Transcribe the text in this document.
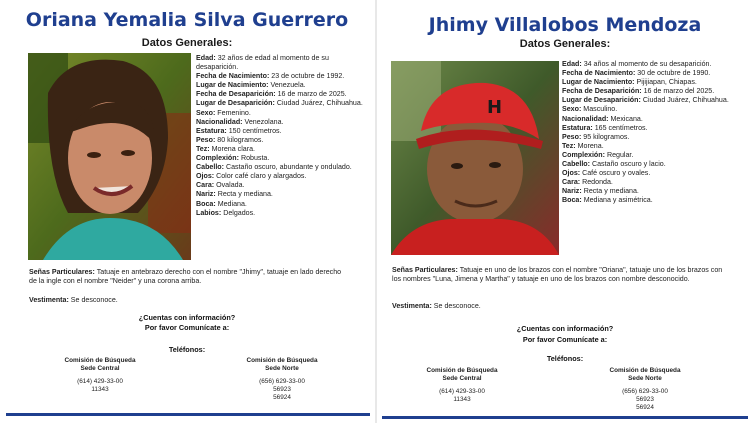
Oriana Yemalia Silva Guerrero
Datos Generales:
Edad: 32 años de edad al momento de su desaparición.
Fecha de Nacimiento: 23 de octubre de 1992.
Lugar de Nacimiento: Venezuela.
Fecha de Desaparición: 16 de marzo de 2025.
Lugar de Desaparición: Ciudad Juárez, Chihuahua.
Sexo: Femenino.
Nacionalidad: Venezolana.
Estatura: 150 centímetros.
Peso: 80 kilogramos.
Tez: Morena clara.
Complexión: Robusta.
Cabello: Castaño oscuro, abundante y ondulado.
Ojos: Color café claro y alargados.
Cara: Ovalada.
Nariz: Recta y mediana.
Boca: Mediana.
Labios: Delgados.
Señas Particulares: Tatuaje en antebrazo derecho con el nombre "Jhimy", tatuaje en lado derecho de la ingle con el nombre "Neider" y una corona arriba.
Vestimenta: Se desconoce.
¿Cuentas con información?
Por favor Comunícate a:
Teléfonos:
Comisión de Búsqueda
Sede Central
(614) 429-33-00
11343
Comisión de Búsqueda
Sede Norte
(656) 629-33-00
56923
56924
Jhimy Villalobos Mendoza
Datos Generales:
H
Edad: 34 años al momento de su desaparición.
Fecha de Nacimiento: 30 de octubre de 1990.
Lugar de Nacimiento: Pijijiapan, Chiapas.
Fecha de Desaparición: 16 de marzo del 2025.
Lugar de Desaparición: Ciudad Juárez, Chihuahua.
Sexo: Masculino.
Nacionalidad: Mexicana.
Estatura: 165 centímetros.
Peso: 95 kilogramos.
Tez: Morena.
Complexión: Regular.
Cabello: Castaño oscuro y lacio.
Ojos: Café oscuro y ovales.
Cara: Redonda.
Nariz: Recta y mediana.
Boca: Mediana y asimétrica.
Señas Particulares: Tatuaje en uno de los brazos con el nombre "Oriana", tatuaje uno de los brazos con los nombres "Luna, Jimena y Martha" y tatuaje en uno de los brazos con nombre desconocido.
Vestimenta: Se desconoce.
¿Cuentas con información?
Por favor Comunícate a:
Teléfonos:
Comisión de Búsqueda
Sede Central
(614) 429-33-00
11343
Comisión de Búsqueda
Sede Norte
(656) 629-33-00
56923
56924
